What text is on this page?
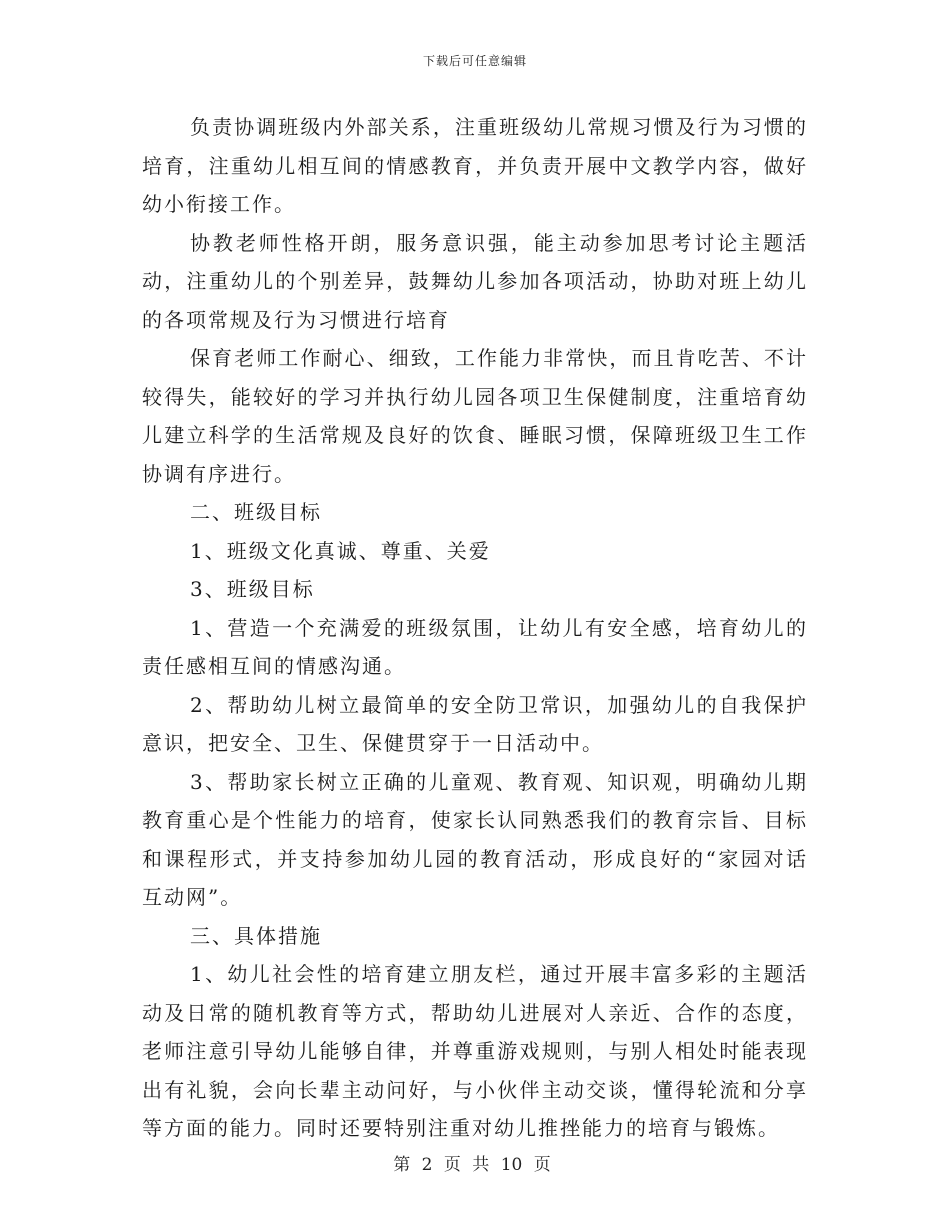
下载后可任意编辑

负责协调班级内外部关系，注重班级幼儿常规习惯及行为习惯的培育，注重幼儿相互间的情感教育，并负责开展中文教学内容，做好幼小衔接工作。

协教老师性格开朗，服务意识强，能主动参加思考讨论主题活动，注重幼儿的个别差异，鼓舞幼儿参加各项活动，协助对班上幼儿的各项常规及行为习惯进行培育

保育老师工作耐心、细致，工作能力非常快，而且肯吃苦、不计较得失，能较好的学习并执行幼儿园各项卫生保健制度，注重培育幼儿建立科学的生活常规及良好的饮食、睡眠习惯，保障班级卫生工作协调有序进行。

二、班级目标

1、班级文化真诚、尊重、关爱

3、班级目标

1、营造一个充满爱的班级氛围，让幼儿有安全感，培育幼儿的责任感相互间的情感沟通。

2、帮助幼儿树立最简单的安全防卫常识，加强幼儿的自我保护意识，把安全、卫生、保健贯穿于一日活动中。

3、帮助家长树立正确的儿童观、教育观、知识观，明确幼儿期教育重心是个性能力的培育，使家长认同熟悉我们的教育宗旨、目标和课程形式，并支持参加幼儿园的教育活动，形成良好的“家园对话互动网”。

三、具体措施

1、幼儿社会性的培育建立朋友栏，通过开展丰富多彩的主题活动及日常的随机教育等方式，帮助幼儿进展对人亲近、合作的态度，老师注意引导幼儿能够自律，并尊重游戏规则，与别人相处时能表现出有礼貌，会向长辈主动问好，与小伙伴主动交谈，懂得轮流和分享等方面的能力。同时还要特别注重对幼儿推挫能力的培育与锻炼。

第 2 页 共 10 页
